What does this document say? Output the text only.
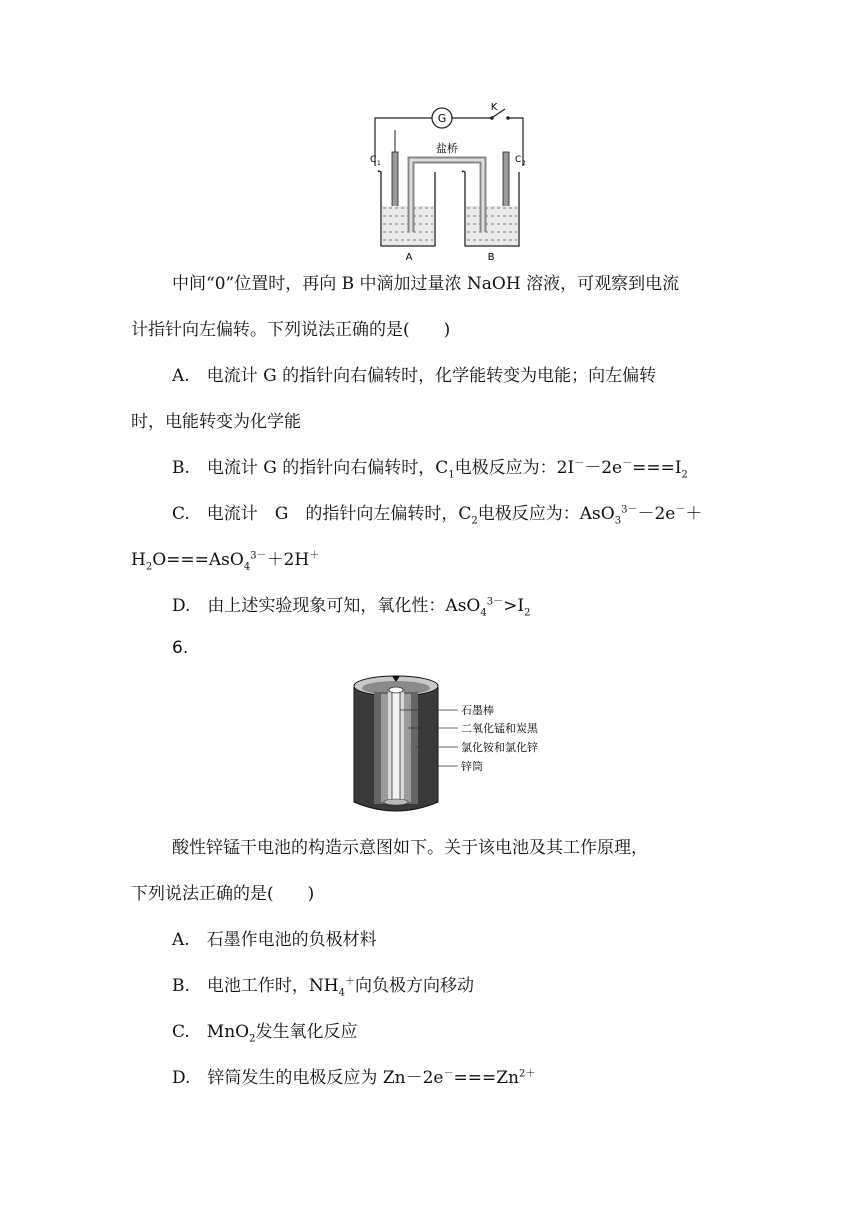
G
K
C 1	C 2
盐桥
A	B
中间“0”位置时，再向 B 中滴加过量浓 NaOH 溶液，可观察到电流
计指针向左偏转。下列说法正确的是(　　)
A.　电流计 G 的指针向右偏转时，化学能转变为电能；向左偏转
时，电能转变为化学能
B.　电流计 G 的指针向右偏转时，$C_1$电极反应为：$2I^--2e^-===I_2$
C.　电流计　G　的指针向左偏转时，$C_2$电极反应为：AsO$_3^{3-}$－2e－＋
$H_2O===AsO_4^{3-}+2H^+$
D.　由上述实验现象可知，氧化性：$AsO_4^{3-}>I_2$
6.
石墨棒
二氧化锰和炭黑
氯化铵和氯化锌
锌筒
酸性锌锰干电池的构造示意图如下。关于该电池及其工作原理，
下列说法正确的是(　　)
A.　石墨作电池的负极材料
B.　电池工作时，$NH_4^+$向负极方向移动
C.　MnO$_2$发生氧化反应
D.　锌筒发生的电极反应为 $Zn-2e^-===Zn^{2+}$
